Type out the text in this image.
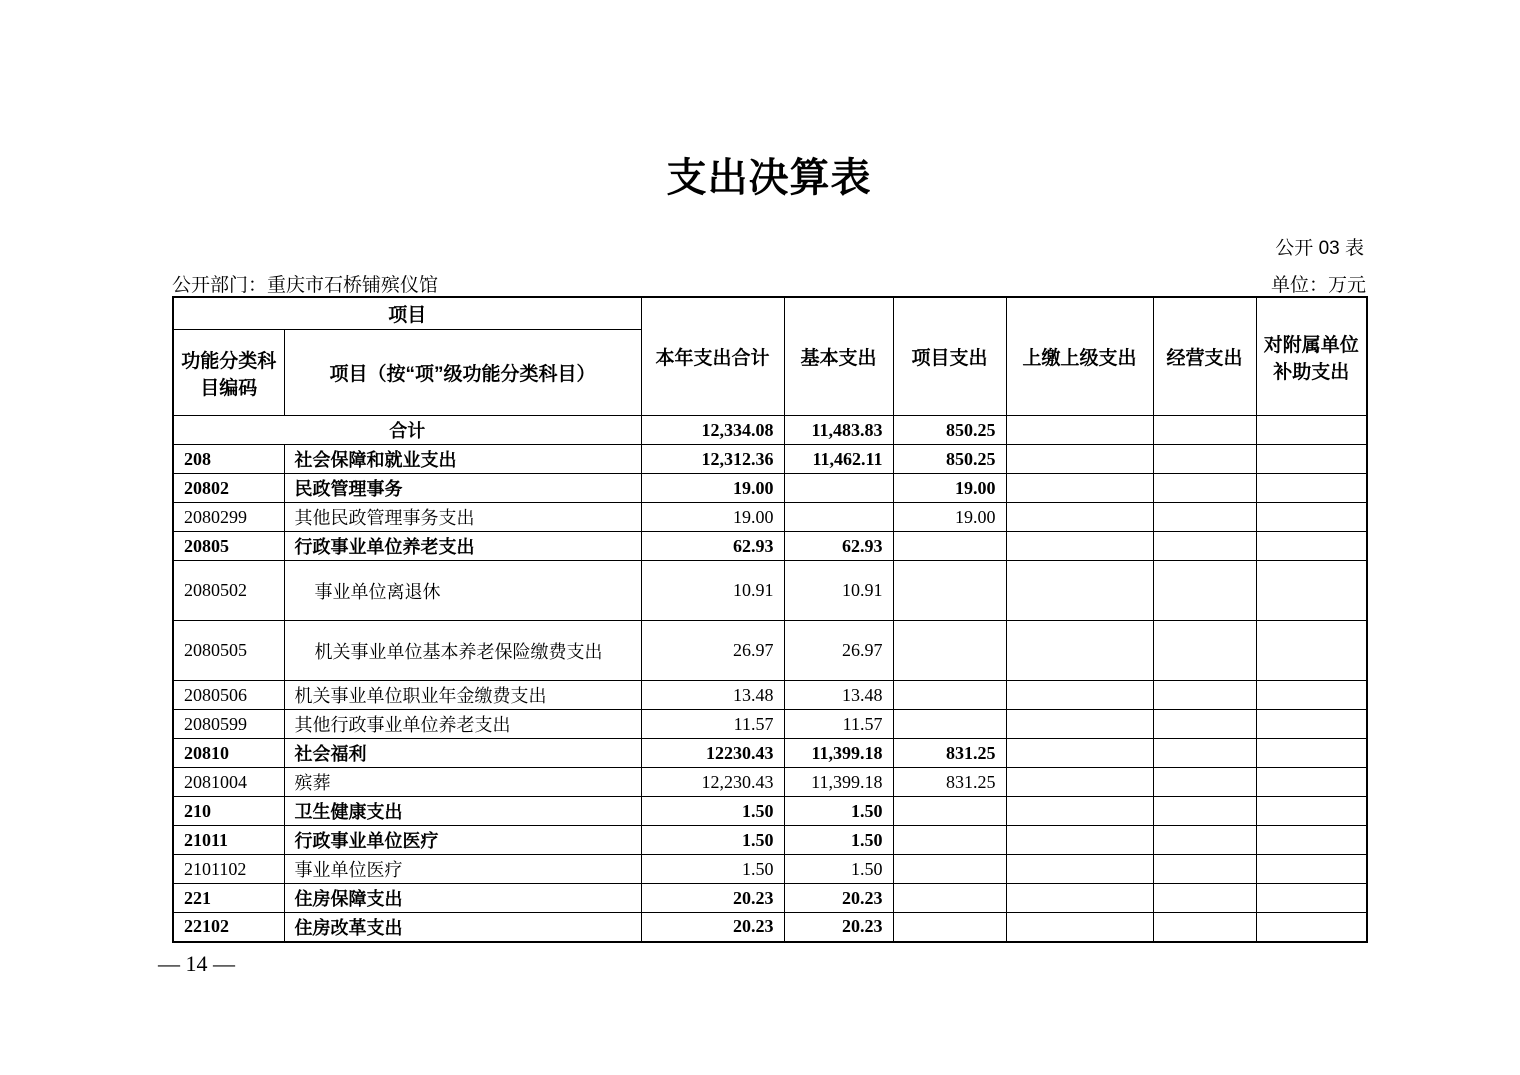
支出决算表
公开 03 表
公开部门：重庆市石桥铺殡仪馆	单位：万元
项目		本年支出合计	基本支出	项目支出	上缴上级支出	经营支出	对附属单位补助支出
功能分类科目编码	项目（按“项”级功能分类科目）						
合计		12,334.08	11,483.83	850.25			
208	社会保障和就业支出	12,312.36	11,462.11	850.25			
20802	民政管理事务	19.00		19.00			
2080299	其他民政管理事务支出	19.00		19.00			
20805	行政事业单位养老支出	62.93	62.93				
2080502	事业单位离退休	10.91	10.91				
2080505	机关事业单位基本养老保险缴费支出	26.97	26.97				
2080506	机关事业单位职业年金缴费支出	13.48	13.48				
2080599	其他行政事业单位养老支出	11.57	11.57				
20810	社会福利	12230.43	11,399.18	831.25			
2081004	殡葬	12,230.43	11,399.18	831.25			
210	卫生健康支出	1.50	1.50				
21011	行政事业单位医疗	1.50	1.50				
2101102	事业单位医疗	1.50	1.50				
221	住房保障支出	20.23	20.23				
22102	住房改革支出	20.23	20.23				
— 14 —
